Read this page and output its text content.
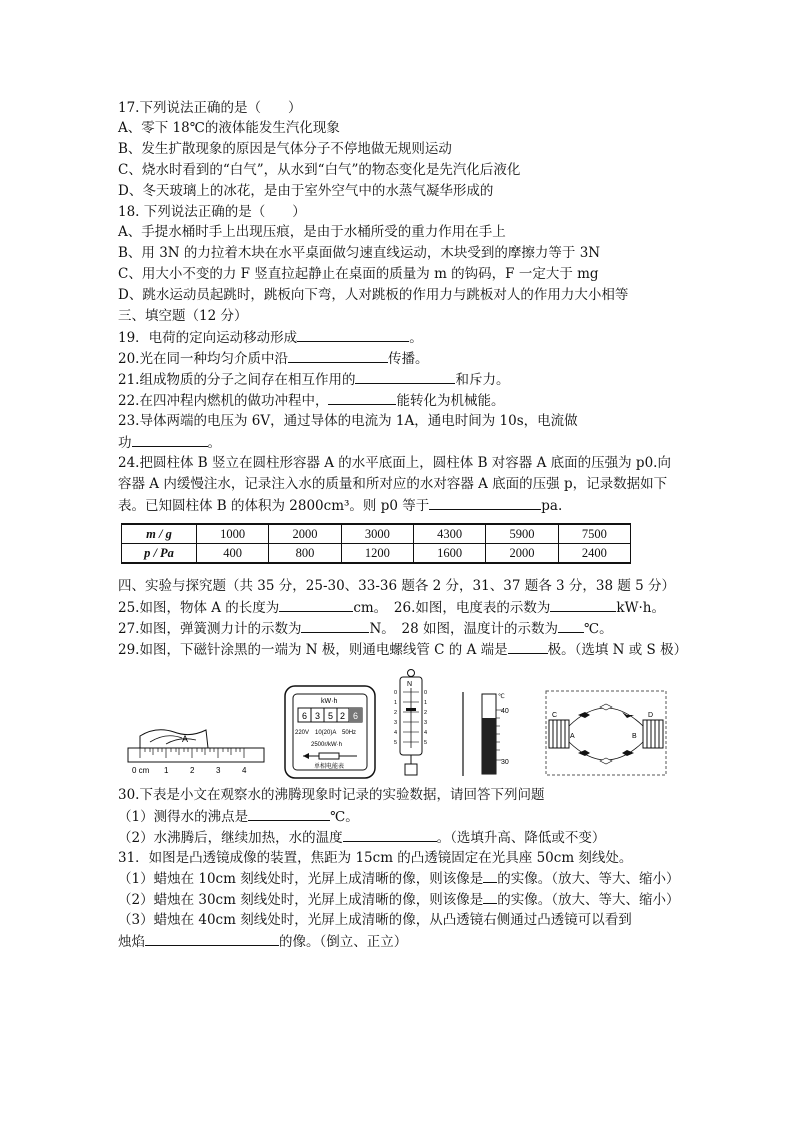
17.下列说法正确的是（　　）
A、零下 18℃的液体能发生汽化现象
B、发生扩散现象的原因是气体分子不停地做无规则运动
C、烧水时看到的“白气”，从水到“白气”的物态变化是先汽化后液化
D、冬天玻璃上的冰花，是由于室外空气中的水蒸气凝华形成的
18. 下列说法正确的是（　　）
A、手提水桶时手上出现压痕，是由于水桶所受的重力作用在手上
B、用 3N 的力拉着木块在水平桌面做匀速直线运动，木块受到的摩擦力等于 3N
C、用大小不变的力 F 竖直拉起静止在桌面的质量为 m 的钩码，F 一定大于 mg
D、跳水运动员起跳时，跳板向下弯，人对跳板的作用力与跳板对人的作用力大小相等
三、填空题（12 分）
19．电荷的定向运动移动形成	。
20.光在同一种均匀介质中沿	传播。
21.组成物质的分子之间存在相互作用的	和斥力。
22.在四冲程内燃机的做功冲程中，	能转化为机械能。
23.导体两端的电压为 6V，通过导体的电流为 1A，通电时间为 10s，电流做
功	。
24.把圆柱体 B 竖立在圆柱形容器 A 的水平底面上，圆柱体 B 对容器 A 底面的压强为 p0.向
容器 A 内缓慢注水，记录注入水的质量和所对应的水对容器 A 底面的压强 p，记录数据如下
表。已知圆柱体 B 的体积为 2800cm³。则 p0 等于	pa.
m / g	1000	2000	3000	4300	5900	7500
p / Pa	400	800	1200	1600	2000	2400
四、实验与探究题（共 35 分，25-30、33-36 题各 2 分，31、37 题各 3 分，38 题 5 分）
25.如图，物体 A 的长度为	cm。　26.如图，电度表的示数为	kW·h。
27.如图，弹簧测力计的示数为	N。　28 如图，温度计的示数为 ℃。
29.如图，下磁针涂黑的一端为 N 极，则通电螺线管 C 的 A 端是	极。（选填 N 或 S 极）
A
0 cm 1	2	3	4
kW·h
6 3 5 2 6
220V　10(20)A　50Hz
2500r/kW·h
单相电能表
N
0
1
2
3
4
5
0
1
2
3
4
5
℃
40
30
C	D
A	B
30.下表是小文在观察水的沸腾现象时记录的实验数据，请回答下列问题
（1）测得水的沸点是	℃。
（2）水沸腾后，继续加热，水的温度	。（选填升高、降低或不变）
31．如图是凸透镜成像的装置，焦距为 15cm 的凸透镜固定在光具座 50cm 刻线处。
（1）蜡烛在 10cm 刻线处时，光屏上成清晰的像，则该像是 的实像。（放大、等大、缩小）
（2）蜡烛在 30cm 刻线处时，光屏上成清晰的像，则该像是 的实像。（放大、等大、缩小）
（3）蜡烛在 40cm 刻线处时，光屏上成清晰的像，从凸透镜右侧通过凸透镜可以看到
烛焰	的像。（倒立、正立）
